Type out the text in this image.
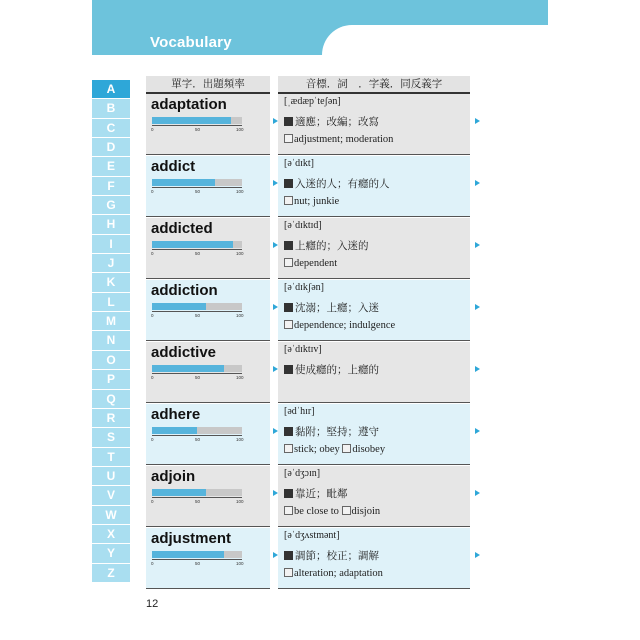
Vocabulary
A
B
C
D
E
F
G
H
I
J
K
L
M
N
O
P
Q
R
S
T
U
V
W
X
Y
Z
單字．出題頻率	音標．詞　．字義．同反義字
adaptation
0	50	100
[ˌædæpˈteʃən]
適應；改編；改寫
adjustment; moderation
addict
0	50	100
[əˈdɪkt]
入迷的人；有癮的人
nut; junkie
addicted
0	50	100
[əˈdɪktɪd]
上癮的；入迷的
dependent
addiction
0	50	100
[əˈdɪkʃən]
沈溺；上癮；入迷
dependence; indulgence
addictive
0	50	100
[əˈdɪktɪv]
使成癮的；上癮的
adhere
0	50	100
[ədˈhɪr]
黏附；堅持；遵守
stick; obey disobey
adjoin
0	50	100
[əˈdʒɔɪn]
靠近；毗鄰
be close to disjoin
adjustment
0	50	100
[əˈdʒʌstmənt]
調節；校正；調解
alteration; adaptation
12
